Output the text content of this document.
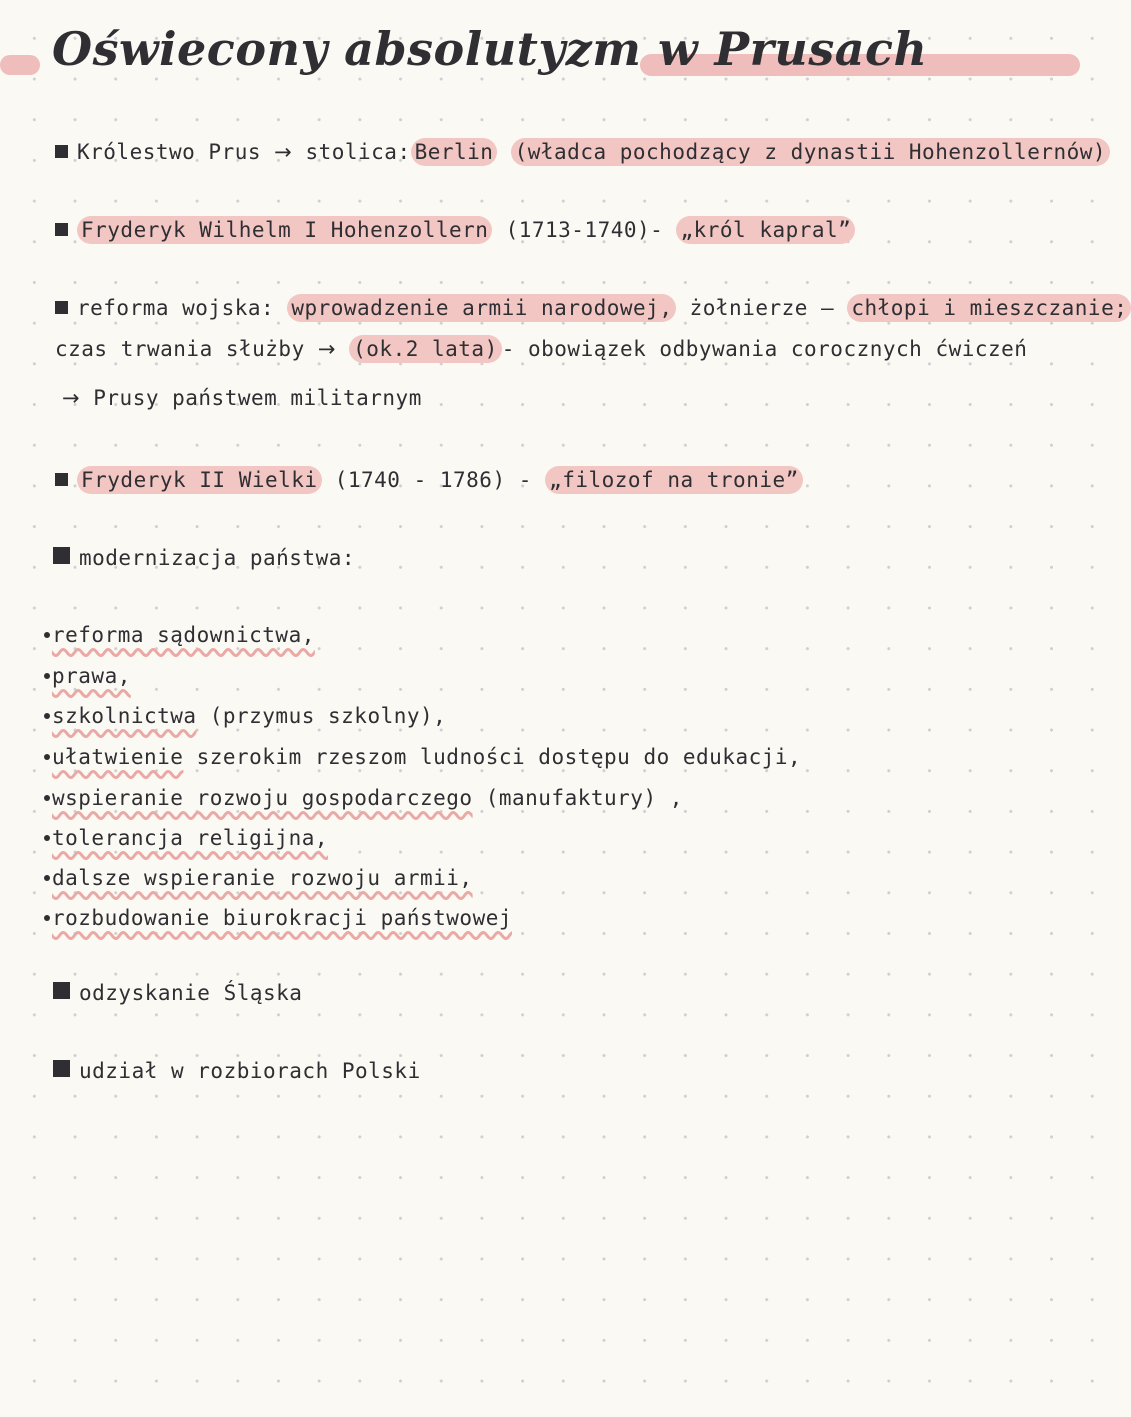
Oświecony absolutyzm w Prusach
Królestwo Prus → stolica: Berlin (władca pochodzący z dynastii Hohenzollernów)
Fryderyk Wilhelm I Hohenzollern (1713-1740)- „król kapral”
reforma wojska: wprowadzenie armii narodowej, żołnierze — chłopi i mieszczanie;
czas trwania służby → (ok.2 lata) - obowiązek odbywania corocznych ćwiczeń
→ Prusy państwem militarnym
Fryderyk II Wielki (1740 - 1786) - „filozof na tronie”
modernizacja państwa:
reforma sądownictwa,
prawa,
szkolnictwa (przymus szkolny),
ułatwienie szerokim rzeszom ludności dostępu do edukacji,
wspieranie rozwoju gospodarczego (manufaktury) ,
tolerancja religijna,
dalsze wspieranie rozwoju armii,
rozbudowanie biurokracji państwowej
odzyskanie Śląska
udział w rozbiorach Polski
